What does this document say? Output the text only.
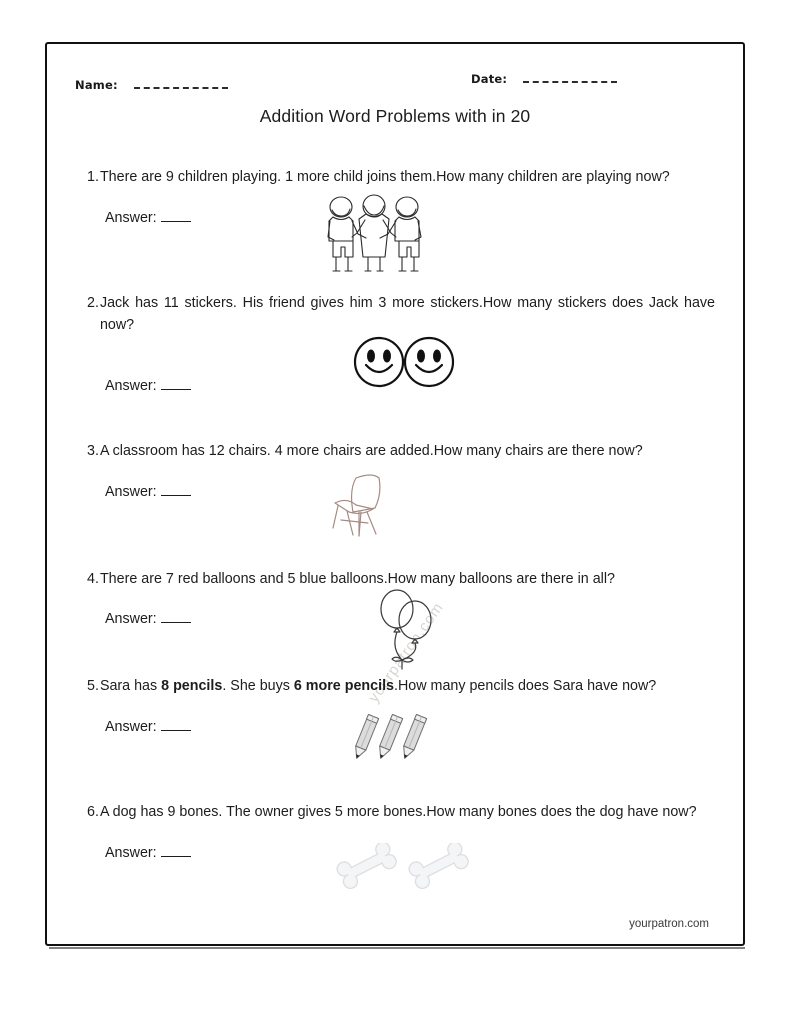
Name:	Date:
Addition Word Problems with in 20
yourpatron.com
1. There are 9 children playing. 1 more child joins them.How many children are playing now?
Answer:
2. Jack has 11 stickers. His friend gives him 3 more stickers.How many stickers does Jack have now?
Answer:
3. A classroom has 12 chairs. 4 more chairs are added.How many chairs are there now?
Answer:
4. There are 7 red balloons and 5 blue balloons.How many balloons are there in all?
Answer:
5. Sara has 8 pencils. She buys 6 more pencils.How many pencils does Sara have now?
Answer:
6. A dog has 9 bones. The owner gives 5 more bones.How many bones does the dog have now?
Answer:
yourpatron.com
